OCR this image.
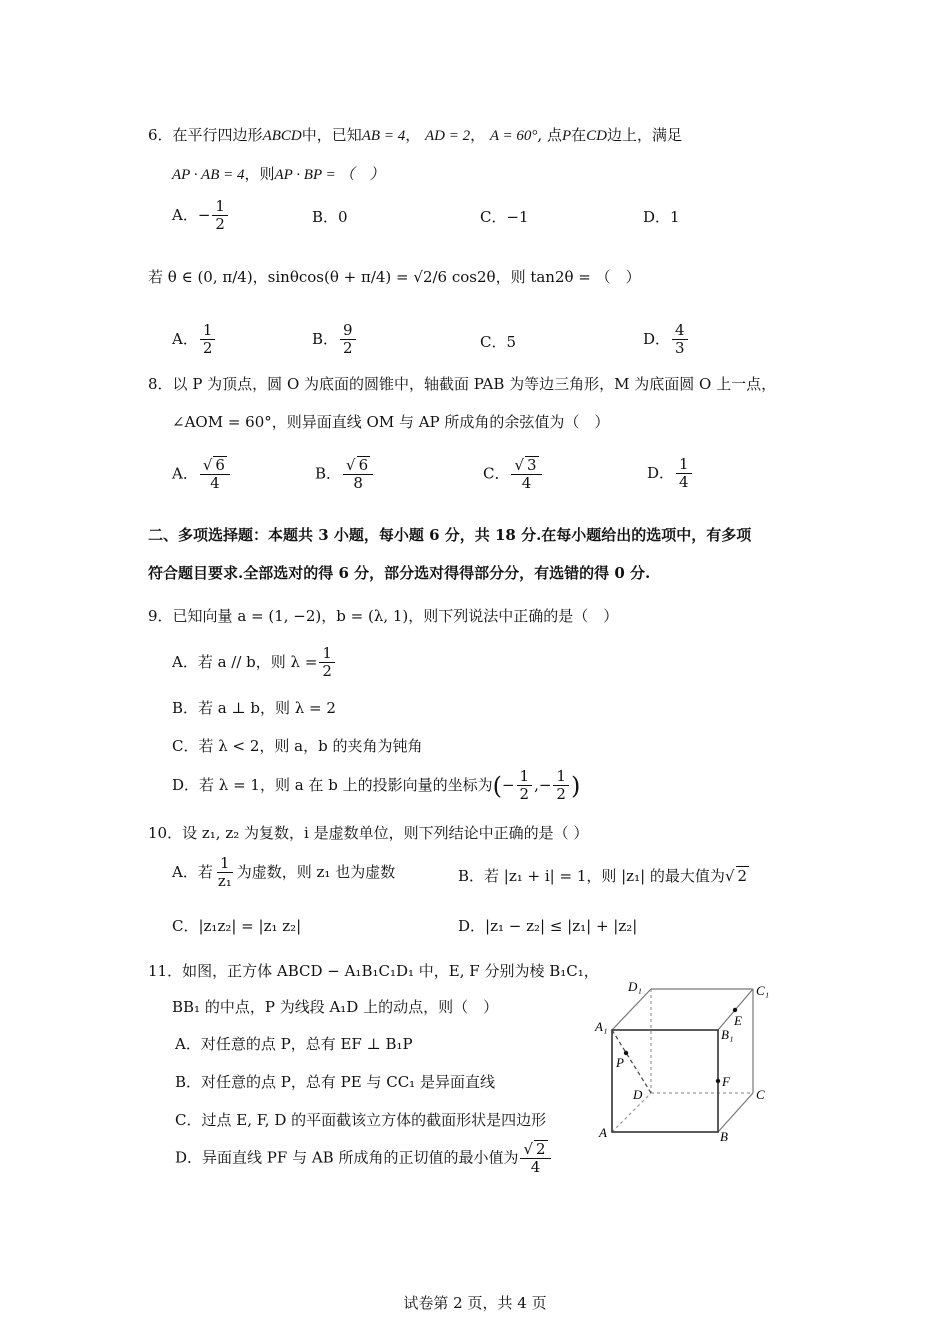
6．在平行四边形ABCD中，已知AB = 4， AD = 2， A = 60°, 点P在CD边上，满足
AP · AB = 4，则AP · BP = （　）
A．− $\frac{1}{2}$	B．0	C．−1	D．1
若 θ ∈ (0, π/4)，sinθcos(θ + π/4) = √2/6 cos2θ，则 tan2θ = （　）
A． $\frac{1}{2}$	B． $\frac{9}{2}$	C．5	D． $\frac{4}{3}$
8．以 P 为顶点，圆 O 为底面的圆锥中，轴截面 PAB 为等边三角形，M 为底面圆 O 上一点，
∠AOM = 60°，则异面直线 OM 与 AP 所成角的余弦值为（　）
A． $\frac{√ 6}{4}$	B． $\frac{√ 6}{8}$	C． $\frac{√ 3}{4}$	D． $\frac{1}{4}$
二、多项选择题：本题共 3 小题，每小题 6 分，共 18 分.在每小题给出的选项中，有多项
符合题目要求.全部选对的得 6 分，部分选对得得部分分，有选错的得 0 分.
9．已知向量 a = (1, −2)，b = (λ, 1)，则下列说法中正确的是（　）
A．若 a // b，则 $\lambda = \frac{1}{2}$
B．若 a ⊥ b，则 λ = 2
C．若 λ < 2，则 a，b 的夹角为钝角
D．若 λ = 1，则 a 在 b 上的投影向量的坐标为(− $\frac{1}{2}$ ,− $\frac{1}{2}$ )
10．设 z₁, z₂ 为复数，i 是虚数单位，则下列结论中正确的是（ ）
A．若 $\frac{1}{\text{z₁}}$ 为虚数，则 z₁ 也为虚数	B．若 |z₁ + i| = 1，则 |z₁| 的最大值为√ 2
C．|z₁z₂| = |z₁ z₂|	D．|z₁ − z₂| ≤ |z₁| + |z₂|
11．如图，正方体 ABCD − A₁B₁C₁D₁ 中，E, F 分别为棱 B₁C₁，
BB₁ 的中点，P 为线段 A₁D 上的动点，则（　）
A．对任意的点 P，总有 EF ⊥ B₁P
B．对任意的点 P，总有 PE 与 CC₁ 是异面直线
C．过点 E, F, D 的平面截该立方体的截面形状是四边形
D．异面直线 PF 与 AB 所成角的正切值的最小值为 $\frac{√ 2}{4}$
D₁	C₁
A₁
B₁
E
F
P
D	C
A	B
试卷第 2 页，共 4 页
